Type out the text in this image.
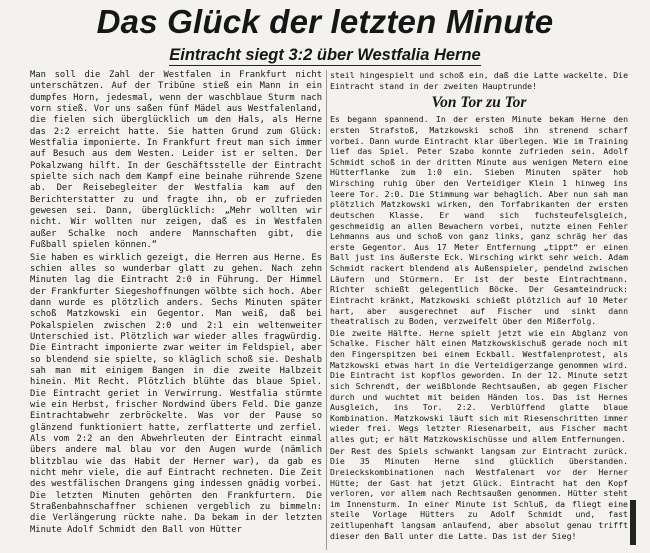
Das Glück der letzten Minute
Eintracht siegt 3:2 über Westfalia Herne

Man soll die Zahl der Westfalen in Frankfurt nicht unterschätzen. Auf der Tribüne stieß ein Mann in ein dumpfes Horn, jedesmal, wenn der waschblaue Sturm nach vorn stieß. Vor uns saßen fünf Mädel aus Westfalenland, die fielen sich überglücklich um den Hals, als Herne das 2:2 erreicht hatte. Sie hatten Grund zum Glück: Westfalia imponierte. In Frankfurt freut man sich immer auf Besuch aus dem Westen. Leider ist er selten. Der Pokalzwang hilft. In der Geschäftsstelle der Eintracht spielte sich nach dem Kampf eine beinahe rührende Szene ab. Der Reisebegleiter der Westfalia kam auf den Berichterstatter zu und fragte ihn, ob er zufrieden gewesen sei. Dann, überglücklich: „Mehr wollten wir nicht. Wir wollten nur zeigen, daß es in Westfalen außer Schalke noch andere Mannschaften gibt, die Fußball spielen können.“

Sie haben es wirklich gezeigt, die Herren aus Herne. Es schien alles so wunderbar glatt zu gehen. Nach zehn Minuten lag die Eintracht 2:0 in Führung. Der Himmel der Frankfurter Siegeshoffnungen wölbte sich hoch. Aber dann wurde es plötzlich anders. Sechs Minuten später schoß Matzkowski ein Gegentor. Man weiß, daß bei Pokalspielen zwischen 2:0 und 2:1 ein weltenweiter Unterschied ist. Plötzlich war wieder alles fragwürdig. Die Eintracht imponierte zwar weiter im Feldspiel, aber so blendend sie spielte, so kläglich schoß sie. Deshalb sah man mit einigem Bangen in die zweite Halbzeit hinein. Mit Recht. Plötzlich blühte das blaue Spiel. Die Eintracht geriet in Verwirrung. Westfalia stürmte wie ein Herbst, frischer Nordwind übers Feld. Die ganze Eintrachtabwehr zerbröckelte. Was vor der Pause so glänzend funktioniert hatte, zerflatterte und zerfiel. Als vom 2:2 an den Abwehrleuten der Eintracht einmal übers andere mal blau vor den Augen wurde (nämlich blitzblau wie das Habit der Herner war), da gab es nicht mehr viele, die auf Eintracht rechneten. Die Zeit des westfälischen Drangens ging indessen gnädig vorbei. Die letzten Minuten gehörten den Frankfurtern. Die Straßenbahnschaffner schienen vergeblich zu bimmeln: die Verlängerung rückte nahe. Da bekam in der letzten Minute Adolf Schmidt den Ball von Hütter

steil hingespielt und schoß ein, daß die Latte wackelte. Die Eintracht stand in der zweiten Hauptrunde!

Von Tor zu Tor

Es begann spannend. In der ersten Minute bekam Herne den ersten Strafstoß, Matzkowski schoß ihn strenend scharf vorbei. Dann wurde Eintracht klar überlegen. Wie im Training lief das Spiel. Peter Szabo konnte zufrieden sein. Adolf Schmidt schoß in der dritten Minute aus wenigen Metern eine Hütterflanke zum 1:0 ein. Sieben Minuten später hob Wirsching ruhig über den Verteidiger Klein 1 hinweg ins leere Tor. 2:0. Die Stimmung war behaglich. Aber nun sah man plötzlich Matzkowski wirken, den Torfabrikanten der ersten deutschen Klasse. Er wand sich fuchsteufelsgleich, geschmeidig an allen Bewachern vorbei, nutzte einen Fehler Lehmanns aus und schoß von ganz links, ganz schräg her das erste Gegentor. Aus 17 Meter Entfernung „tippt“ er einen Ball just ins äußerste Eck. Wirsching wirkt sehr weich. Adam Schmidt rackert blendend als Außenspieler, pendelnd zwischen Läufern und Stürmern. Er ist der beste Eintrachtmann. Richter schießt gelegentlich Böcke. Der Gesamteindruck: Eintracht kränkt, Matzkowski schießt plötzlich auf 10 Meter hart, aber ausgerechnet auf Fischer und sinkt dann theatralisch zu Boden, verzweifelt über den Mißerfolg.

Die zweite Hälfte. Herne spielt jetzt wie ein Abglanz von Schalke. Fischer hält einen Matzkowskischuß gerade noch mit den Fingerspitzen bei einem Eckball. Westfalenprotest, als Matzkowski etwas hart in die Verteidigerzange genommen wird. Die Eintracht ist kopflos geworden. In der 12. Minute setzt sich Schrendt, der weißblonde Rechtsaußen, ab gegen Fischer durch und wuchtet mit beiden Händen los. Das ist Hernes Ausgleich, ins Tor. 2:2. Verblüffend glatte blaue Kombination. Matzkowski läuft sich mit Riesenschritten immer wieder frei. Wegs letzter Riesenarbeit, aus Fischer macht alles gut; er hält Matzkowskischüsse und allem Entfernungen.

Der Rest des Spiels schwankt langsam zur Eintracht zurück. Die 35 Minuten Herne sind glücklich überstanden. Dreieckskombinationen nach Westfalenart vor der Herner Hütte; der Gast hat jetzt Glück. Eintracht hat den Kopf verloren, vor allem nach Rechtsaußen genommen. Hütter steht im Innensturm. In einer Minute ist Schluß, da fliegt eine steile Vorlage Hütters zu Adolf Schmidt und, fast zeitlupenhaft langsam anlaufend, aber absolut genau trifft dieser den Ball unter die Latte. Das ist der Sieg!
